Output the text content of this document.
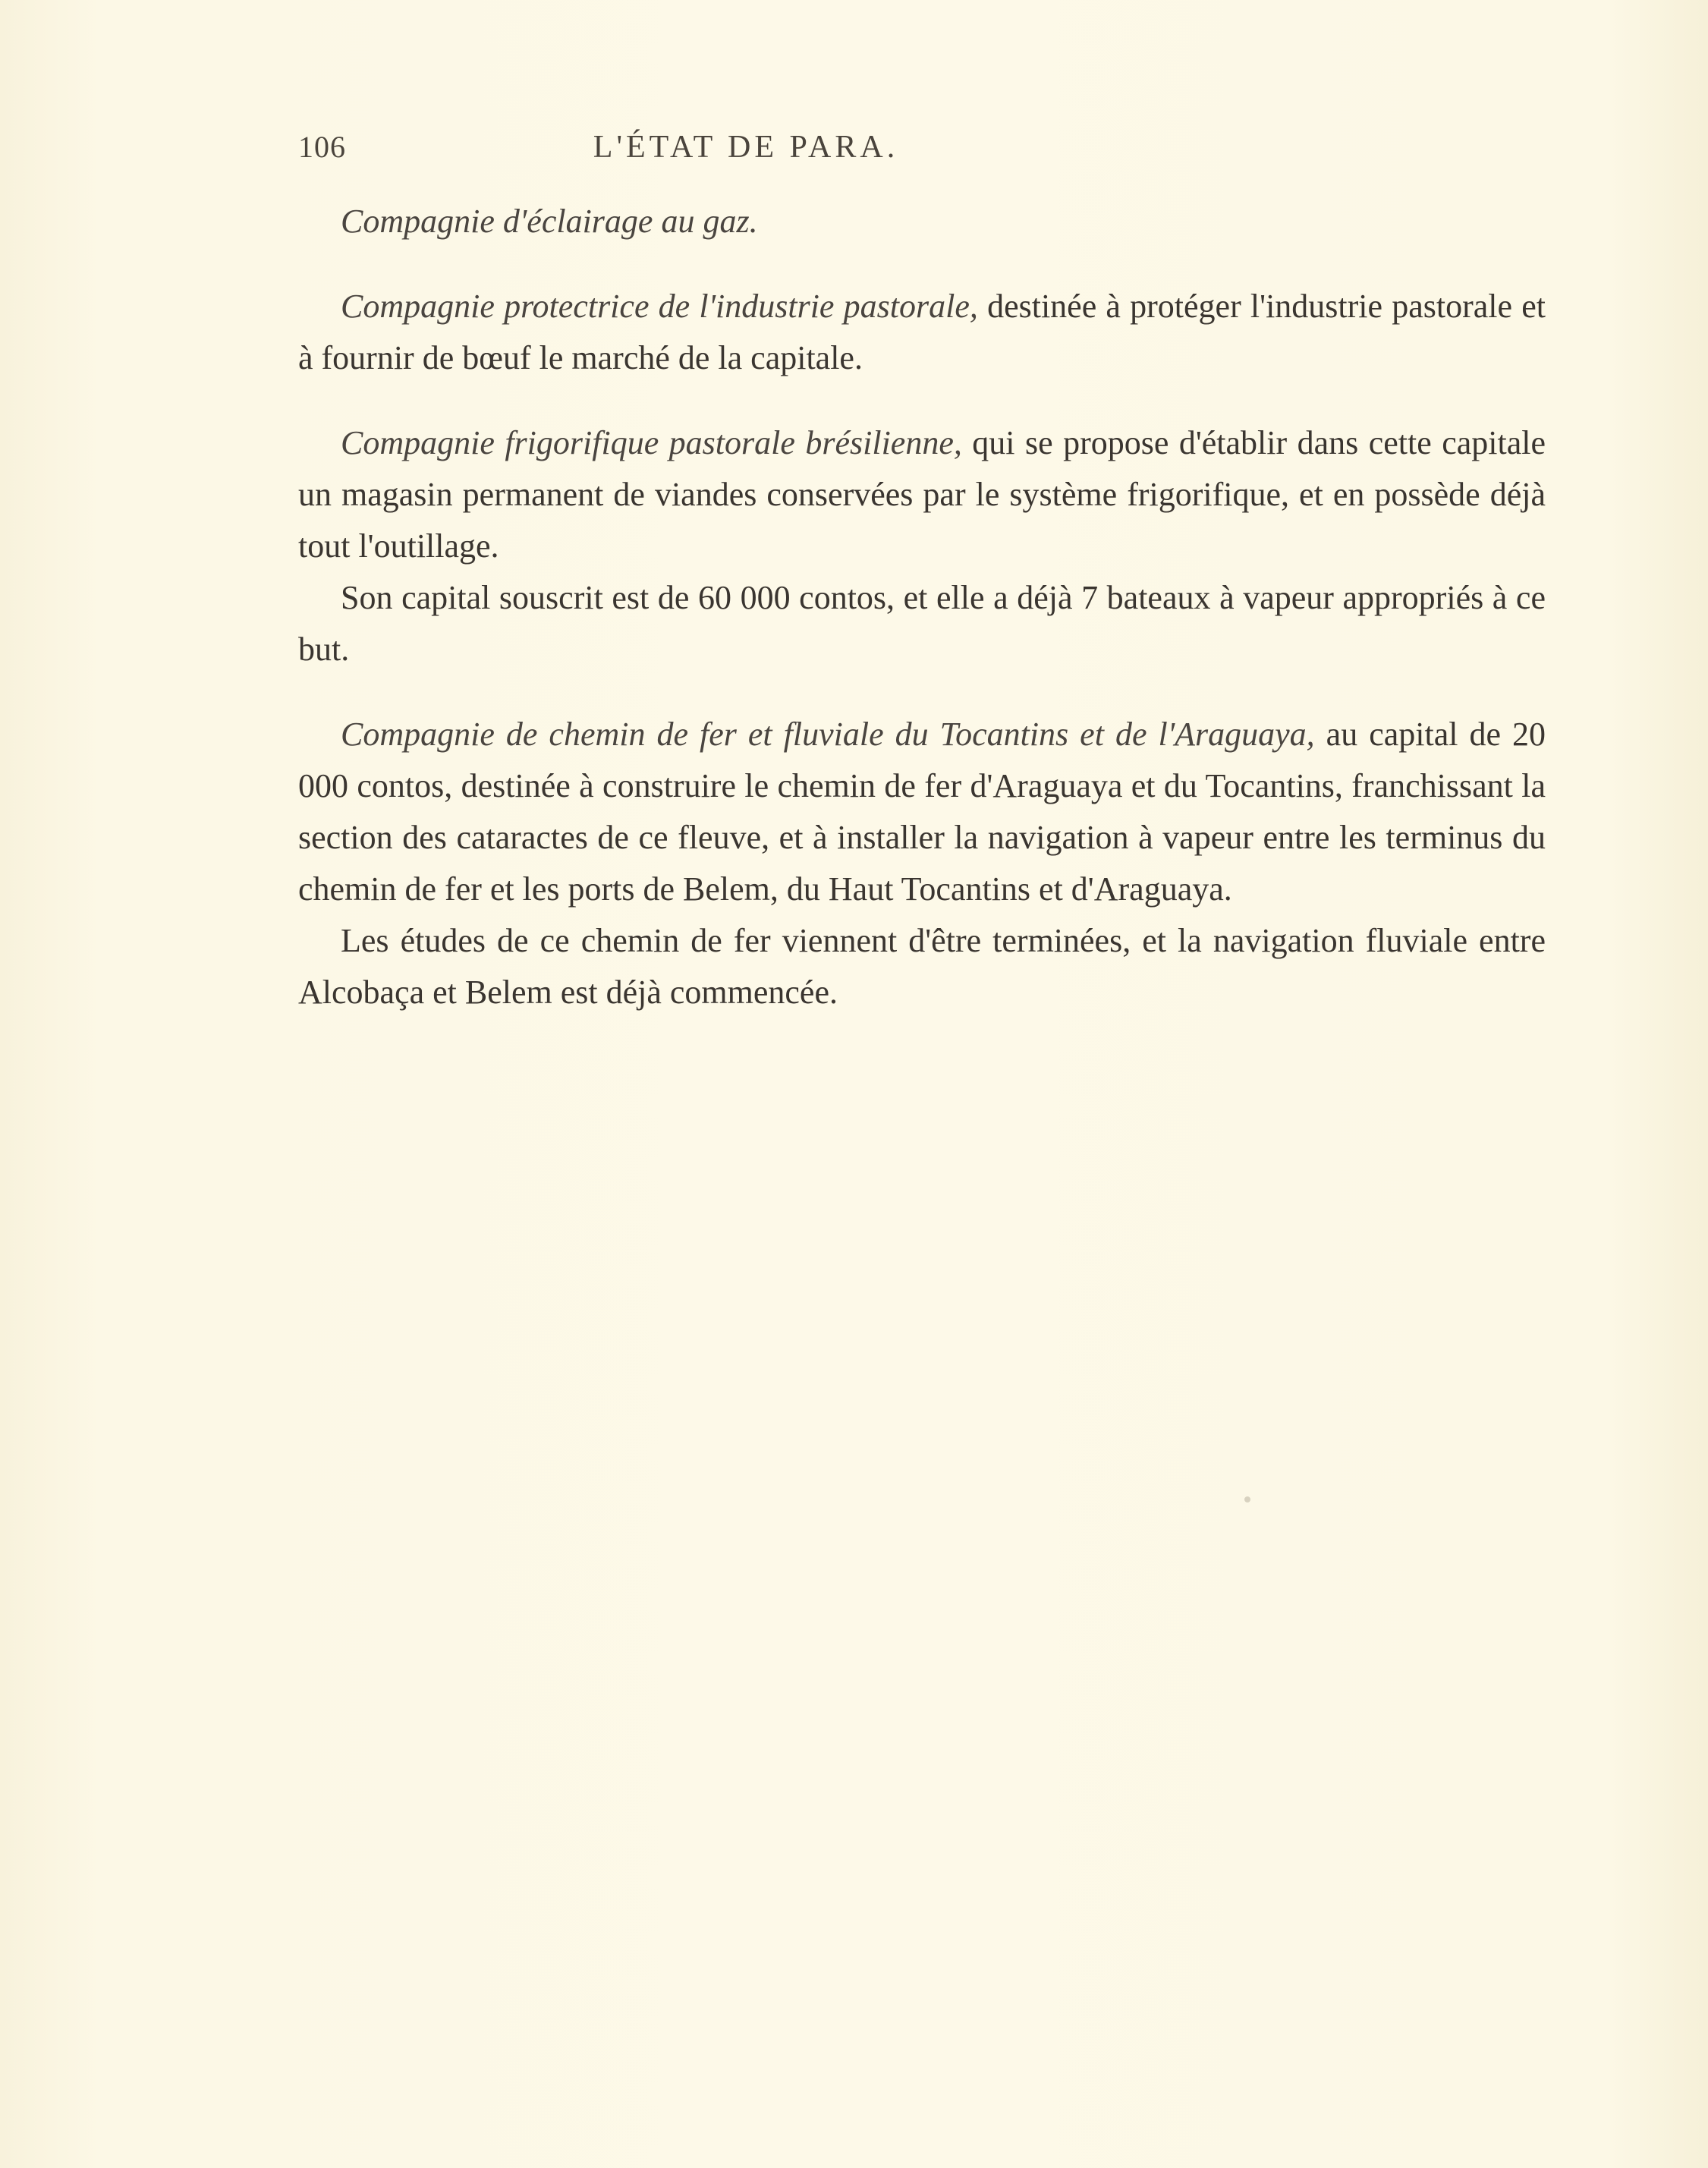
106	L'ÉTAT DE PARA.

Compagnie d'éclairage au gaz.

Compagnie protectrice de l'industrie pastorale, destinée à protéger l'industrie pastorale et à fournir de bœuf le marché de la capitale.

Compagnie frigorifique pastorale brésilienne, qui se propose d'établir dans cette capitale un magasin permanent de viandes conservées par le système frigorifique, et en possède déjà tout l'outillage.

Son capital souscrit est de 60 000 contos, et elle a déjà 7 bateaux à vapeur appropriés à ce but.

Compagnie de chemin de fer et fluviale du Tocantins et de l'Araguaya, au capital de 20 000 contos, destinée à construire le chemin de fer d'Araguaya et du Tocantins, franchissant la section des cataractes de ce fleuve, et à installer la navigation à vapeur entre les terminus du chemin de fer et les ports de Belem, du Haut Tocantins et d'Araguaya.

Les études de ce chemin de fer viennent d'être terminées, et la navigation fluviale entre Alcobaça et Belem est déjà commencée.
